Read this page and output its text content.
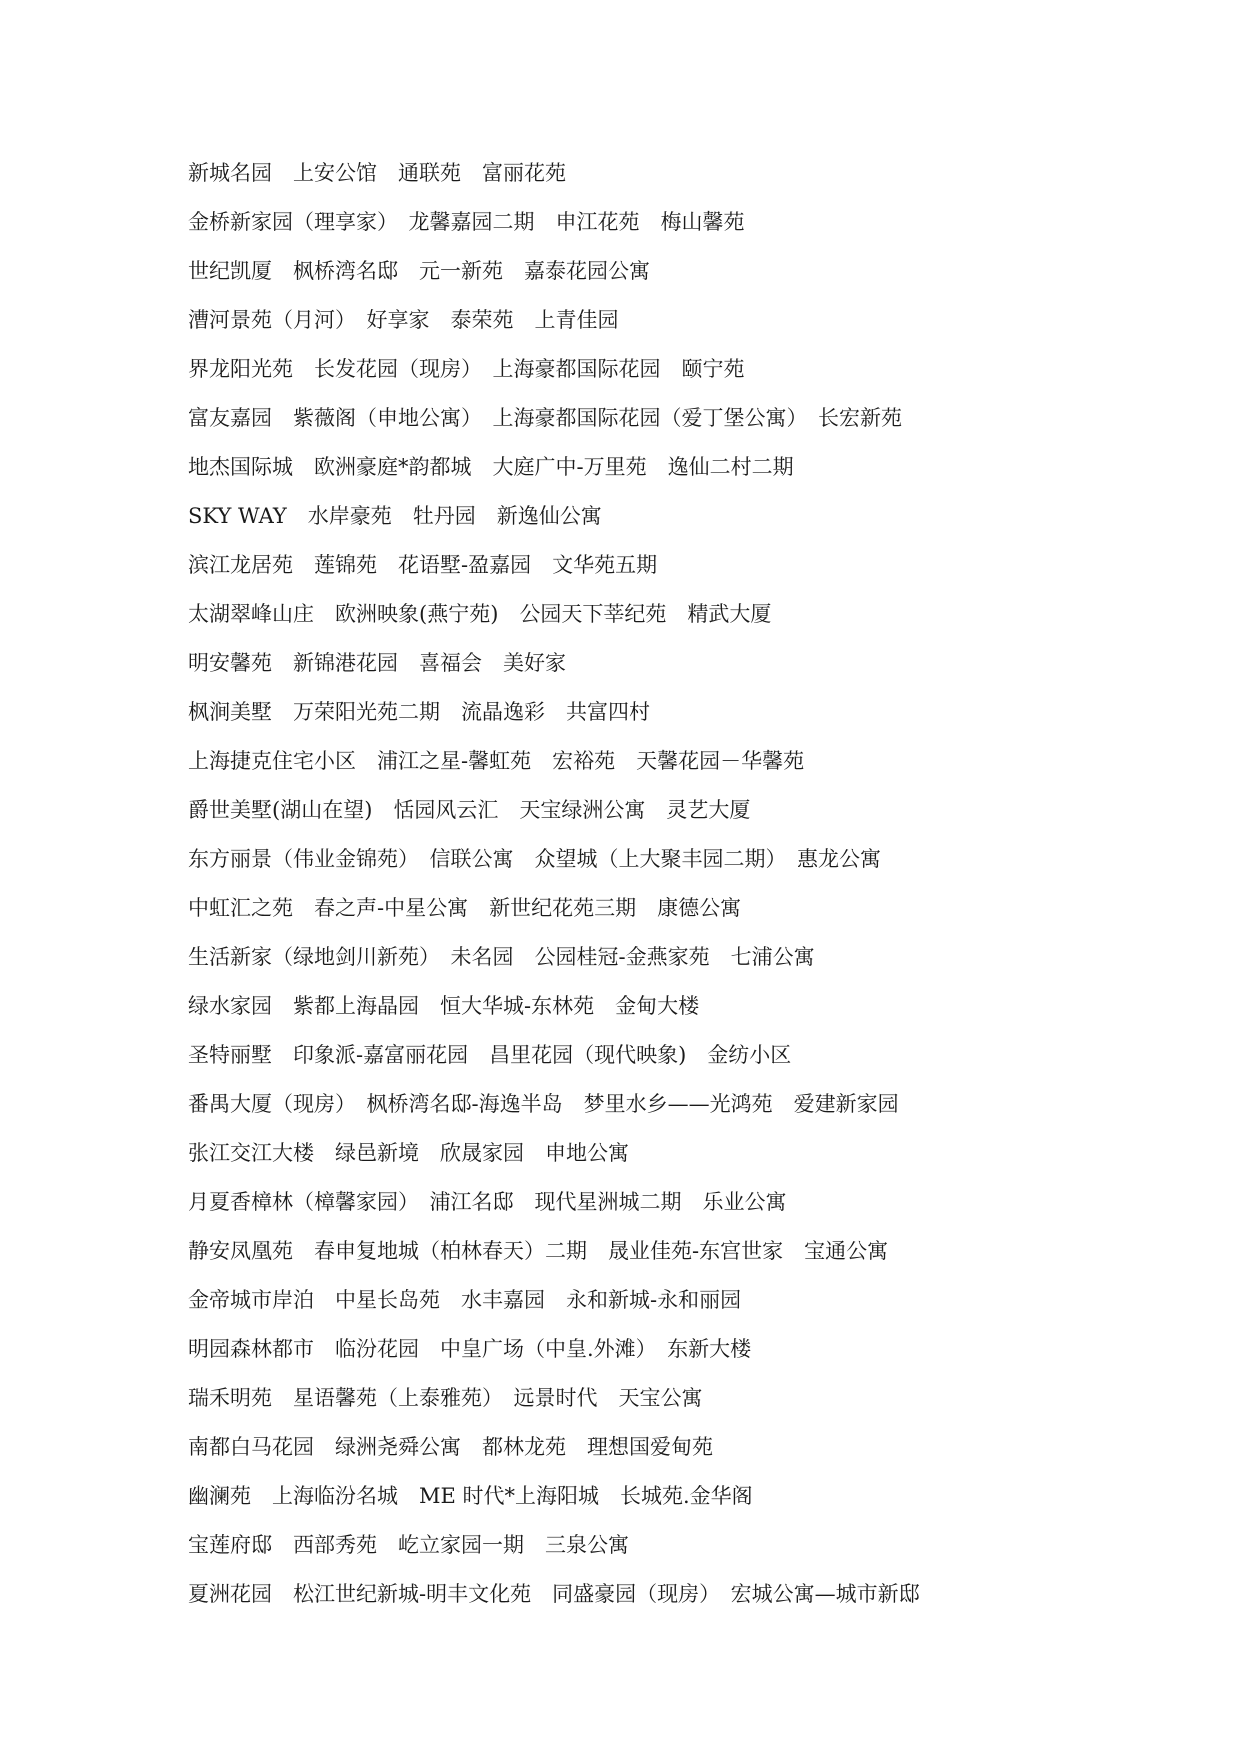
新城名园　上安公馆　通联苑　富丽花苑
金桥新家园（理享家）　龙馨嘉园二期　申江花苑　梅山馨苑
世纪凯厦　枫桥湾名邸　元一新苑　嘉泰花园公寓
漕河景苑（月河）　好享家　泰荣苑　上青佳园
界龙阳光苑　长发花园（现房）　上海豪都国际花园　颐宁苑
富友嘉园　紫薇阁（申地公寓）　上海豪都国际花园（爱丁堡公寓）　长宏新苑
地杰国际城　欧洲豪庭*韵都城　大庭广中-万里苑　逸仙二村二期
SKY WAY　水岸豪苑　牡丹园　新逸仙公寓
滨江龙居苑　莲锦苑　花语墅-盈嘉园　文华苑五期
太湖翠峰山庄　欧洲映象(燕宁苑)　公园天下莘纪苑　精武大厦
明安馨苑　新锦港花园　喜福会　美好家
枫涧美墅　万荣阳光苑二期　流晶逸彩　共富四村
上海捷克住宅小区　浦江之星-馨虹苑　宏裕苑　天馨花园－华馨苑
爵世美墅(湖山在望)　恬园风云汇　天宝绿洲公寓　灵艺大厦
东方丽景（伟业金锦苑）　信联公寓　众望城（上大聚丰园二期）　惠龙公寓
中虹汇之苑　春之声-中星公寓　新世纪花苑三期　康德公寓
生活新家（绿地剑川新苑）　未名园　公园桂冠-金燕家苑　七浦公寓
绿水家园　紫都上海晶园　恒大华城-东林苑　金甸大楼
圣特丽墅　印象派-嘉富丽花园　昌里花园（现代映象)　金纺小区
番禺大厦（现房）　枫桥湾名邸-海逸半岛　梦里水乡——光鸿苑　爱建新家园
张江交江大楼　绿邑新境　欣晟家园　申地公寓
月夏香樟林（樟馨家园）　浦江名邸　现代星洲城二期　乐业公寓
静安凤凰苑　春申复地城（柏林春天）二期　晟业佳苑-东宫世家　宝通公寓
金帝城市岸泊　中星长岛苑　水丰嘉园　永和新城-永和丽园
明园森林都市　临汾花园　中皇广场（中皇.外滩）　东新大楼
瑞禾明苑　星语馨苑（上泰雅苑）　远景时代　天宝公寓
南都白马花园　绿洲尧舜公寓　都林龙苑　理想国爱甸苑
幽澜苑　上海临汾名城　ME 时代*上海阳城　长城苑.金华阁
宝莲府邸　西部秀苑　屹立家园一期　三泉公寓
夏洲花园　松江世纪新城-明丰文化苑　同盛豪园（现房）　宏城公寓—城市新邸
